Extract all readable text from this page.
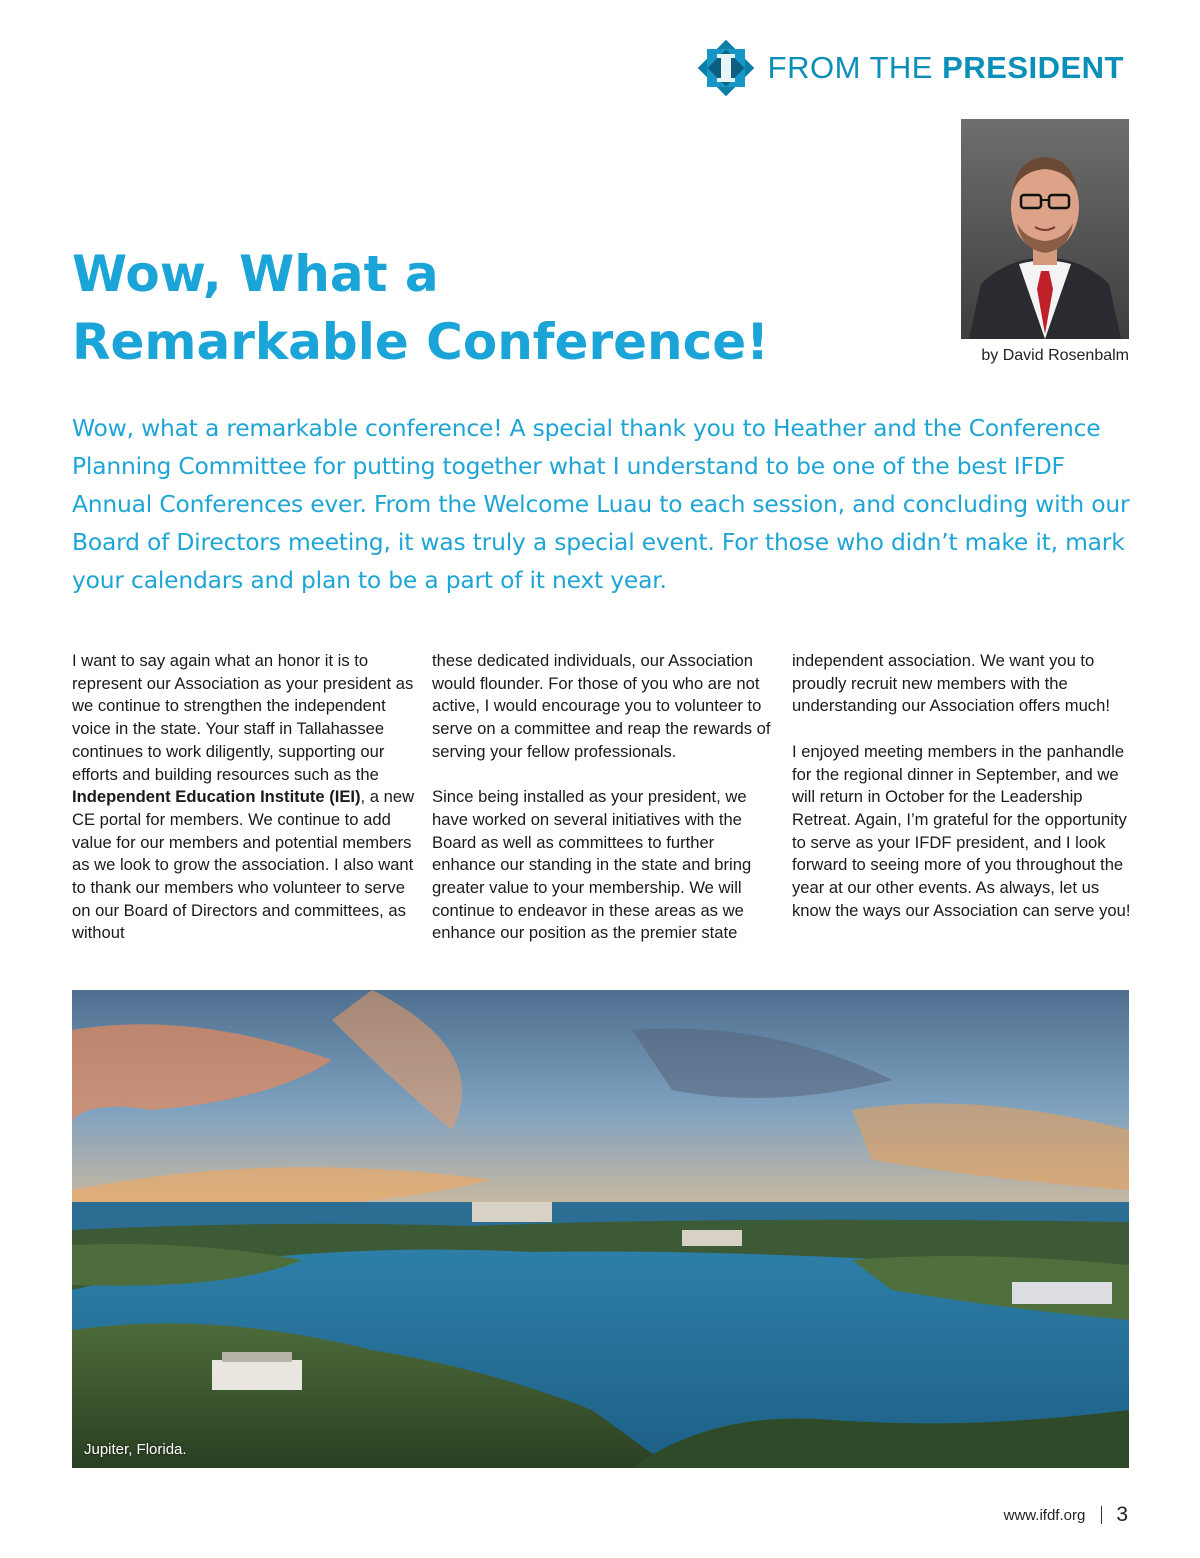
FROM THE PRESIDENT
by David Rosenbalm
Wow, What a
Remarkable Conference!

Wow, what a remarkable conference! A special thank you to Heather and the Conference Planning Committee for putting together what I understand to be one of the best IFDF Annual Conferences ever. From the Welcome Luau to each session, and concluding with our Board of Directors meeting, it was truly a special event. For those who didn’t make it, mark your calendars and plan to be a part of it next year.

I want to say again what an honor it is to represent our Association as your president as we continue to strengthen the independent voice in the state. Your staff in Tallahassee continues to work diligently, supporting our efforts and building resources such as the Independent Education Institute (IEI), a new CE portal for members. We continue to add value for our members and potential members as we look to grow the association. I also want to thank our members who volunteer to serve on our Board of Directors and committees, as without

these dedicated individuals, our Association would flounder. For those of you who are not active, I would encourage you to volunteer to serve on a committee and reap the rewards of serving your fellow professionals.

Since being installed as your president, we have worked on several initiatives with the Board as well as committees to further enhance our standing in the state and bring greater value to your membership. We will continue to endeavor in these areas as we enhance our position as the premier state

independent association. We want you to proudly recruit new members with the understanding our Association offers much!

I enjoyed meeting members in the panhandle for the regional dinner in September, and we will return in October for the Leadership Retreat. Again, I’m grateful for the opportunity to serve as your IFDF president, and I look forward to seeing more of you throughout the year at our other events. As always, let us know the ways our Association can serve you!

Jupiter, Florida.
www.ifdf.org 3
